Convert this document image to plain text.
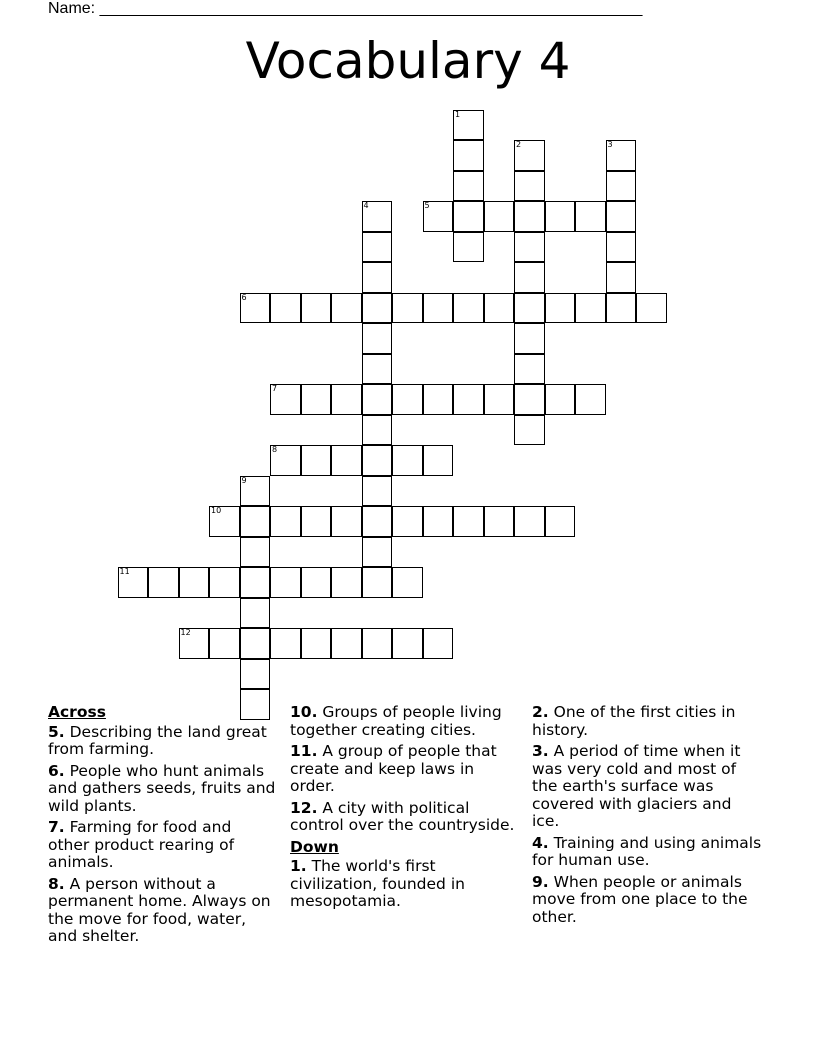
Name: _____________________________________________________________
Vocabulary 4
1
2	3
4	5
6
7
8
9
10
11
12
Across
5. Describing the land great from farming.
6. People who hunt animals and gathers seeds, fruits and wild plants.
7. Farming for food and other product rearing of animals.
8. A person without a permanent home. Always on the move for food, water, and shelter.
10. Groups of people living together creating cities.
11. A group of people that create and keep laws in order.
12. A city with political control over the countryside.
Down
1. The world's first civilization, founded in mesopotamia.
2. One of the first cities in history.
3. A period of time when it was very cold and most of the earth's surface was covered with glaciers and ice.
4. Training and using animals for human use.
9. When people or animals move from one place to the other.
